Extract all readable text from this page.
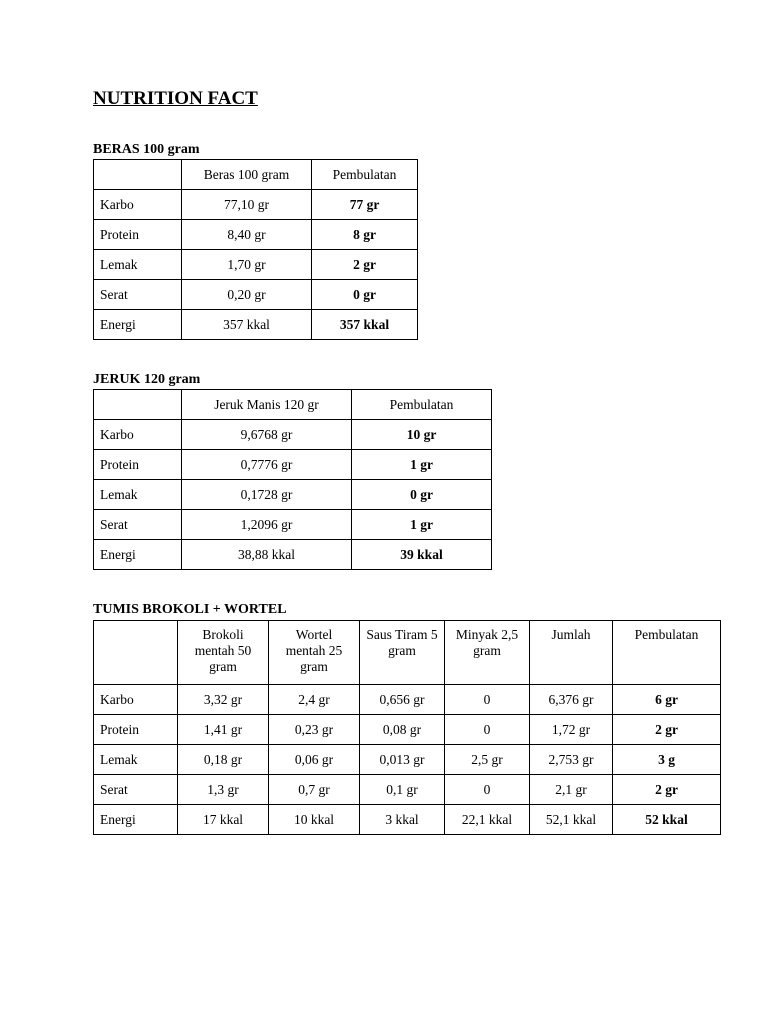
NUTRITION FACT
BERAS 100 gram
	Beras 100 gram	Pembulatan
Karbo	77,10 gr	77 gr
Protein	8,40 gr	8 gr
Lemak	1,70 gr	2 gr
Serat	0,20 gr	0 gr
Energi	357 kkal	357 kkal
JERUK 120 gram
	Jeruk Manis 120 gr	Pembulatan
Karbo	9,6768 gr	10 gr
Protein	0,7776 gr	1 gr
Lemak	0,1728 gr	0 gr
Serat	1,2096 gr	1 gr
Energi	38,88 kkal	39 kkal
TUMIS BROKOLI + WORTEL
	Brokoli mentah 50 gram	Wortel mentah 25 gram	Saus Tiram 5 gram	Minyak 2,5 gram	Jumlah	Pembulatan
Karbo	3,32 gr	2,4 gr	0,656 gr	0	6,376 gr	6 gr
Protein	1,41 gr	0,23 gr	0,08 gr	0	1,72 gr	2 gr
Lemak	0,18 gr	0,06 gr	0,013 gr	2,5 gr	2,753 gr	3 g
Serat	1,3 gr	0,7 gr	0,1 gr	0	2,1 gr	2 gr
Energi	17 kkal	10 kkal	3 kkal	22,1 kkal	52,1 kkal	52 kkal
